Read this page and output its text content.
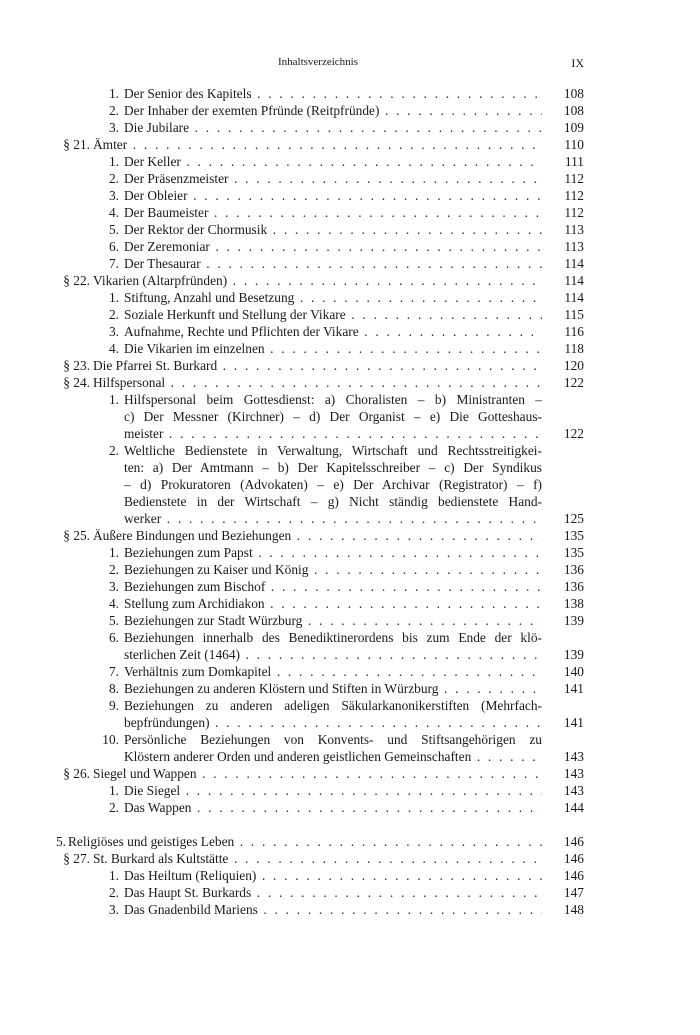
Inhaltsverzeichnis	IX
1. Der Senior des Kapitels . . .	108
2. Der Inhaber der exemten Pfründe (Reitpfründe) . . .	108
3. Die Jubilare . . .	109
§ 21. Ämter . . .	110
1. Der Keller . . .	111
2. Der Präsenzmeister . . .	112
3. Der Obleier . . .	112
4. Der Baumeister . . .	112
5. Der Rektor der Chormusik . . .	113
6. Der Zeremoniar . . .	113
7. Der Thesaurar . . .	114
§ 22. Vikarien (Altarpfründen) . . .	114
1. Stiftung, Anzahl und Besetzung . . .	114
2. Soziale Herkunft und Stellung der Vikare . . .	115
3. Aufnahme, Rechte und Pflichten der Vikare . . .	116
4. Die Vikarien im einzelnen . . .	118
§ 23. Die Pfarrei St. Burkard . . .	120
§ 24. Hilfspersonal . . .	122
1. Hilfspersonal beim Gottesdienst: a) Choralisten – b) Ministranten –
c) Der Messner (Kirchner) – d) Der Organist – e) Die Gotteshaus-
meister . . .	122
2. Weltliche Bedienstete in Verwaltung, Wirtschaft und Rechtsstreitigkei-
ten: a) Der Amtmann – b) Der Kapitelsschreiber – c) Der Syndikus
– d) Prokuratoren (Advokaten) – e) Der Archivar (Registrator) – f)
Bedienstete in der Wirtschaft – g) Nicht ständig bedienstete Hand-
werker . . .	125
§ 25. Äußere Bindungen und Beziehungen . . .	135
1. Beziehungen zum Papst . . .	135
2. Beziehungen zu Kaiser und König . . .	136
3. Beziehungen zum Bischof . . .	136
4. Stellung zum Archidiakon . . .	138
5. Beziehungen zur Stadt Würzburg . . .	139
6. Beziehungen innerhalb des Benediktinerordens bis zum Ende der klö-
sterlichen Zeit (1464) . . .	139
7. Verhältnis zum Domkapitel . . .	140
8. Beziehungen zu anderen Klöstern und Stiften in Würzburg . . .	141
9. Beziehungen zu anderen adeligen Säkularkanonikerstiften (Mehrfach-
bepfründungen) . . .	141
10. Persönliche Beziehungen von Konvents- und Stiftsangehörigen zu
Klöstern anderer Orden und anderen geistlichen Gemeinschaften . . .	143
§ 26. Siegel und Wappen . . .	143
1. Die Siegel . . .	143
2. Das Wappen . . .	144
5. Religiöses und geistiges Leben . . .	146
§ 27. St. Burkard als Kultstätte . . .	146
1. Das Heiltum (Reliquien) . . .	146
2. Das Haupt St. Burkards . . .	147
3. Das Gnadenbild Mariens . . .	148
